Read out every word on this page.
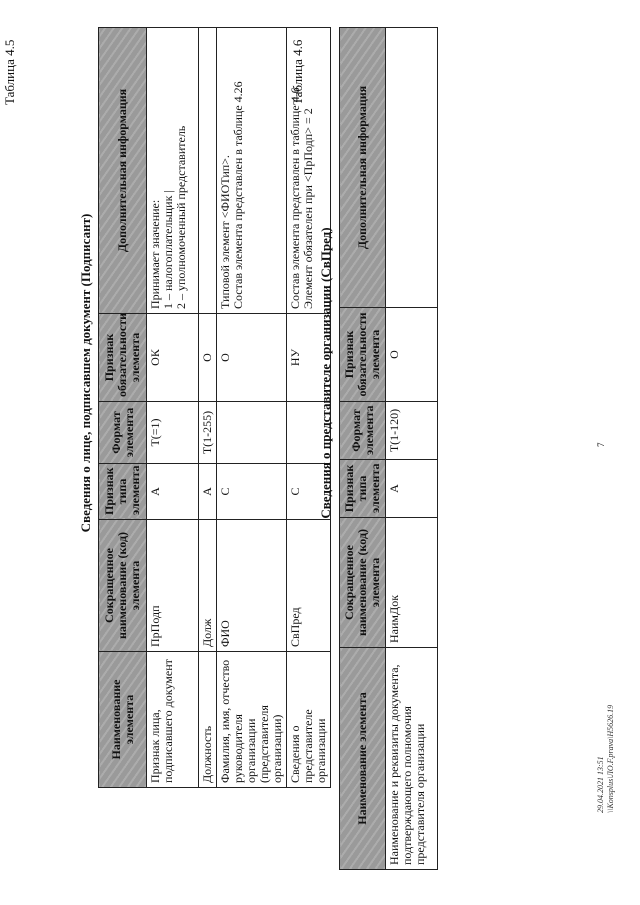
7
Таблица 4.5
Сведения о лице, подписавшем документ (Подписант)
Наименование элемента	Сокращенное наименование (код) элемента	Признак типа элемента	Формат элемента	Признак обязательности элемента	Дополнительная информация
Признак лица, подписавшего документ	ПрПодп	А	T(=1)	ОК	Принимает значение:
1 – налогоплательщик |
2 – уполномоченный представитель
Должность	Долж	А	T(1-255)	О	
Фамилия, имя, отчество руководителя организации (представителя организации)	ФИО	С		О	Типовой элемент <ФИОТип>.
Состав элемента представлен в таблице 4.26
Сведения о представителе организации	СвПред	С		НУ	Состав элемента представлен в таблице 4.6.
Элемент обязателен при <ПрПодп> = 2
Таблица 4.6
Сведения о представителе организации (СвПред)
Наименование элемента	Сокращенное наименование (код) элемента	Признак типа элемента	Формат элемента	Признак обязательности элемента	Дополнительная информация
Наименование и реквизиты документа, подтверждающего полномочия представителя организации	НаимДок	А	T(1-120)	О	
29.04.2021 13:51 \\Konsplus\ЛО.F.prava\H5626.19
